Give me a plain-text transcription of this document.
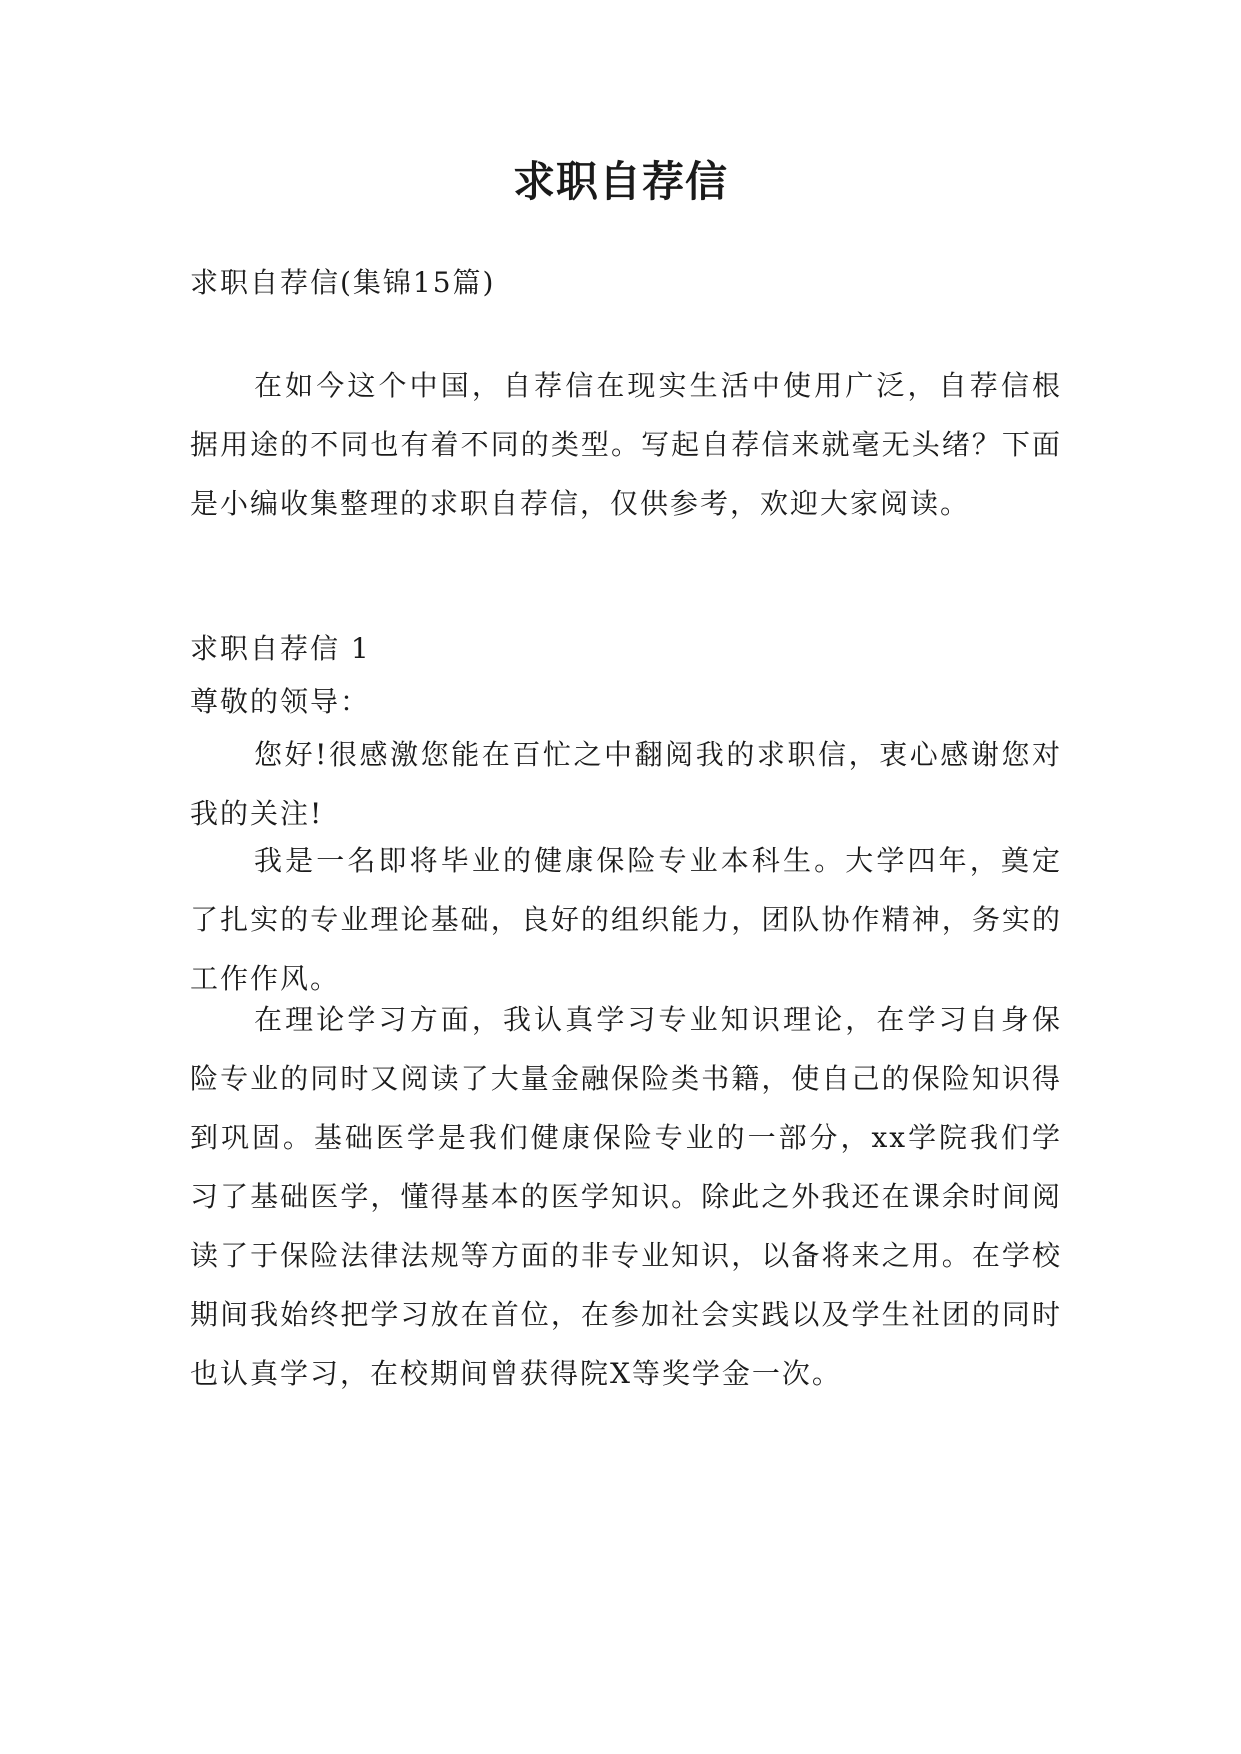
求职自荐信
求职自荐信(集锦15篇)
在如今这个中国，自荐信在现实生活中使用广泛，自荐信根据用途的不同也有着不同的类型。写起自荐信来就毫无头绪？下面是小编收集整理的求职自荐信，仅供参考，欢迎大家阅读。
求职自荐信 1
尊敬的领导：
您好!很感激您能在百忙之中翻阅我的求职信，衷心感谢您对我的关注!
我是一名即将毕业的健康保险专业本科生。大学四年，奠定了扎实的专业理论基础，良好的组织能力，团队协作精神，务实的工作作风。
在理论学习方面，我认真学习专业知识理论，在学习自身保险专业的同时又阅读了大量金融保险类书籍，使自己的保险知识得到巩固。基础医学是我们健康保险专业的一部分，xx学院我们学习了基础医学，懂得基本的医学知识。除此之外我还在课余时间阅读了于保险法律法规等方面的非专业知识，以备将来之用。在学校期间我始终把学习放在首位，在参加社会实践以及学生社团的同时也认真学习，在校期间曾获得院X等奖学金一次。
